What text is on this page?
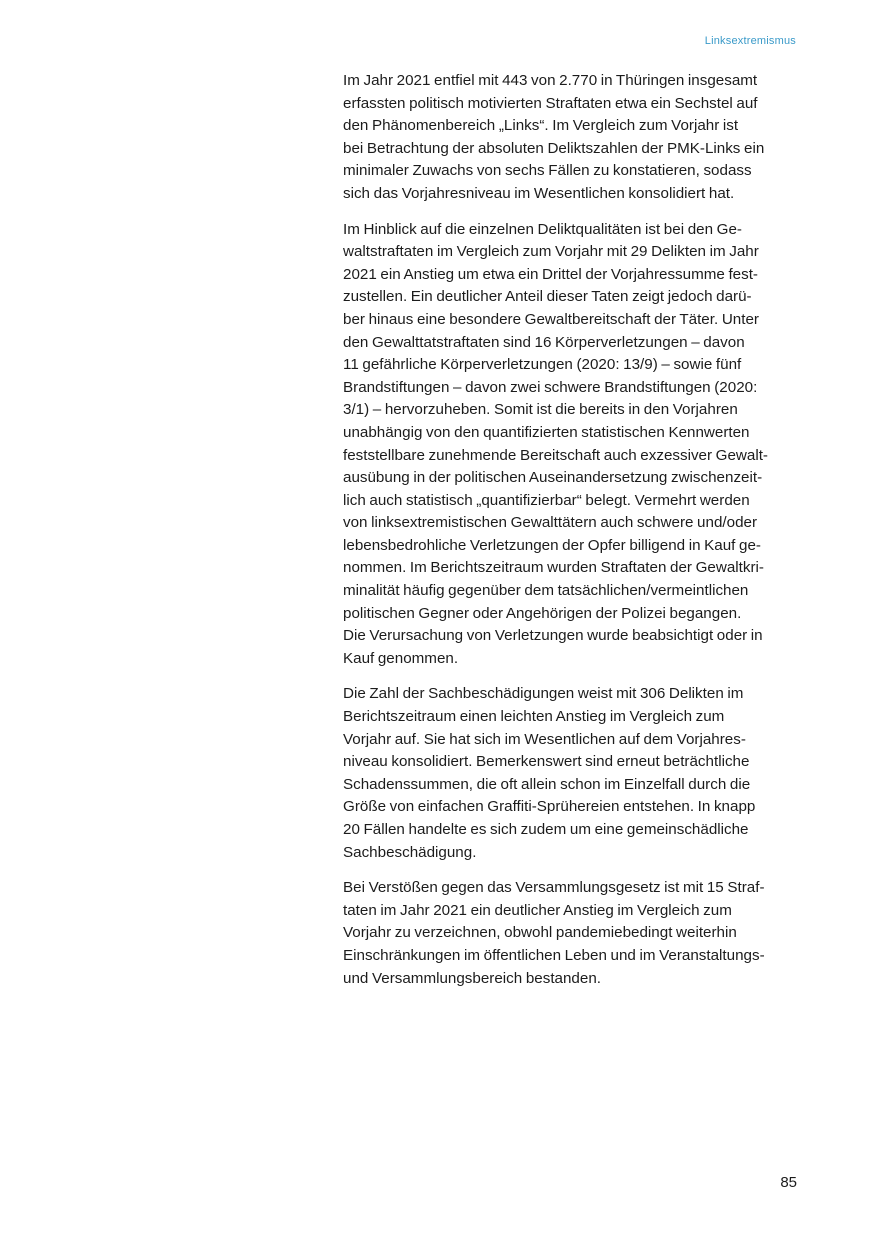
Linksextremismus

Im Jahr 2021 entfiel mit 443 von 2.770 in Thüringen insgesamt
erfassten politisch motivierten Straftaten etwa ein Sechstel auf
den Phänomenbereich „Links“. Im Vergleich zum Vorjahr ist
bei Betrachtung der absoluten Deliktszahlen der PMK-Links ein
minimaler Zuwachs von sechs Fällen zu konstatieren, sodass
sich das Vorjahresniveau im Wesentlichen konsolidiert hat.

Im Hinblick auf die einzelnen Deliktqualitäten ist bei den Ge-
waltstraftaten im Vergleich zum Vorjahr mit 29 Delikten im Jahr
2021 ein Anstieg um etwa ein Drittel der Vorjahressumme fest-
zustellen. Ein deutlicher Anteil dieser Taten zeigt jedoch darü-
ber hinaus eine besondere Gewaltbereitschaft der Täter. Unter
den Gewalttatstraftaten sind 16 Körperverletzungen – davon
11 gefährliche Körperverletzungen (2020: 13/9) – sowie fünf
Brandstiftungen – davon zwei schwere Brandstiftungen (2020:
3/1) – hervorzuheben. Somit ist die bereits in den Vorjahren
unabhängig von den quantifizierten statistischen Kennwerten
feststellbare zunehmende Bereitschaft auch exzessiver Gewalt-
ausübung in der politischen Auseinandersetzung zwischenzeit-
lich auch statistisch „quantifizierbar“ belegt. Vermehrt werden
von linksextremistischen Gewalttätern auch schwere und/oder
lebensbedrohliche Verletzungen der Opfer billigend in Kauf ge-
nommen. Im Berichtszeitraum wurden Straftaten der Gewaltkri-
minalität häufig gegenüber dem tatsächlichen/vermeintlichen
politischen Gegner oder Angehörigen der Polizei begangen.
Die Verursachung von Verletzungen wurde beabsichtigt oder in
Kauf genommen.

Die Zahl der Sachbeschädigungen weist mit 306 Delikten im
Berichtszeitraum einen leichten Anstieg im Vergleich zum
Vorjahr auf. Sie hat sich im Wesentlichen auf dem Vorjahres-
niveau konsolidiert. Bemerkenswert sind erneut beträchtliche
Schadenssummen, die oft allein schon im Einzelfall durch die
Größe von einfachen Graffiti-Sprühereien entstehen. In knapp
20 Fällen handelte es sich zudem um eine gemeinschädliche
Sachbeschädigung.

Bei Verstößen gegen das Versammlungsgesetz ist mit 15 Straf-
taten im Jahr 2021 ein deutlicher Anstieg im Vergleich zum
Vorjahr zu verzeichnen, obwohl pandemiebedingt weiterhin
Einschränkungen im öffentlichen Leben und im Veranstaltungs-
und Versammlungsbereich bestanden.

85
